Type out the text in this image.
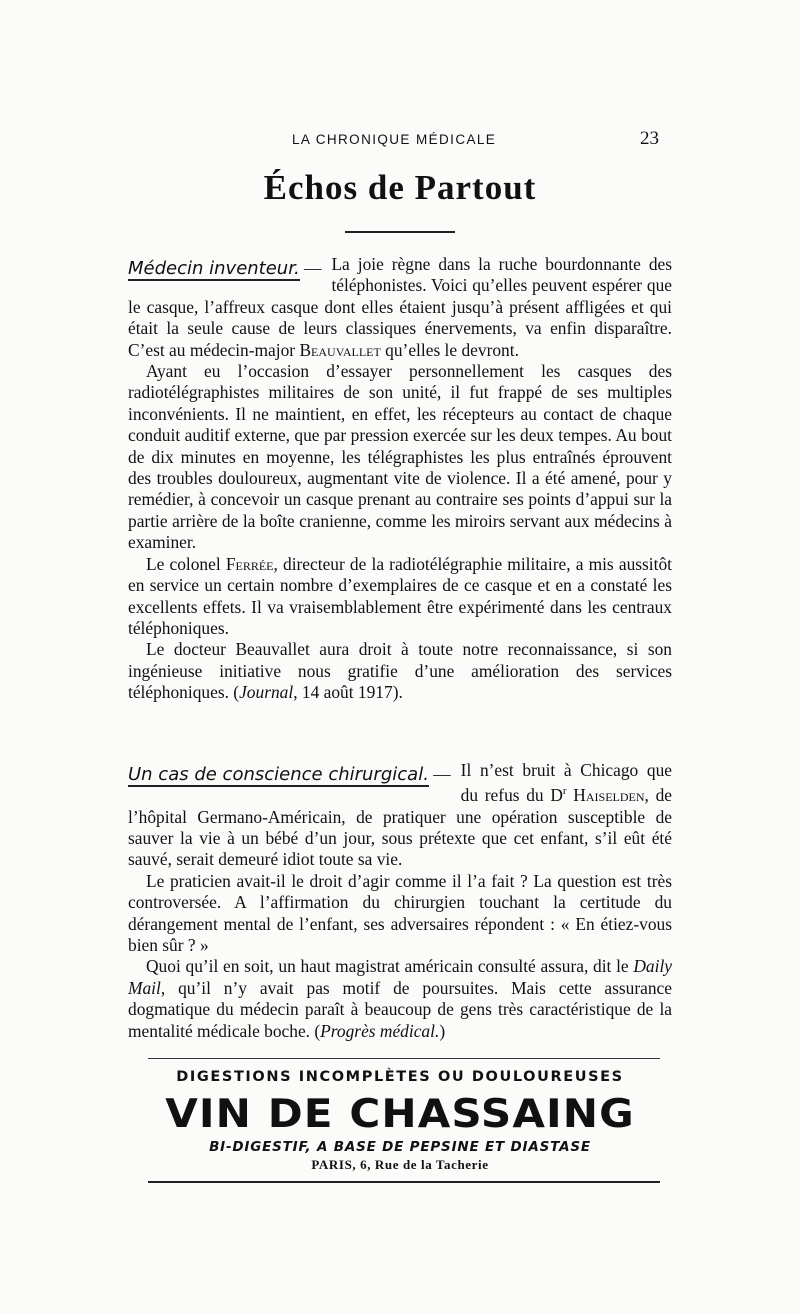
LA CHRONIQUE MÉDICALE	23
Échos de Partout

Médecin inventeur. — La joie règne dans la ruche bourdonnante des téléphonistes. Voici qu’elles peuvent espérer que le casque, l’affreux casque dont elles étaient jusqu’à présent affligées et qui était la seule cause de leurs classiques énervements, va enfin disparaître. C’est au médecin-major Beauvallet qu’elles le devront.

Ayant eu l’occasion d’essayer personnellement les casques des radiotélégraphistes militaires de son unité, il fut frappé de ses multiples inconvénients. Il ne maintient, en effet, les récepteurs au contact de chaque conduit auditif externe, que par pression exercée sur les deux tempes. Au bout de dix minutes en moyenne, les télégraphistes les plus entraînés éprouvent des troubles douloureux, augmentant vite de violence. Il a été amené, pour y remédier, à concevoir un casque prenant au contraire ses points d’appui sur la partie arrière de la boîte cranienne, comme les miroirs servant aux médecins à examiner.

Le colonel Ferrée, directeur de la radiotélégraphie militaire, a mis aussitôt en service un certain nombre d’exemplaires de ce casque et en a constaté les excellents effets. Il va vraisemblablement être expérimenté dans les centraux téléphoniques.

Le docteur Beauvallet aura droit à toute notre reconnaissance, si son ingénieuse initiative nous gratifie d’une amélioration des services téléphoniques. (Journal, 14 août 1917).

Un cas de conscience chirurgical. — Il n’est bruit à Chicago que du refus du $D^r$ Haiselden, de l’hôpital Germano-Américain, de pratiquer une opération susceptible de sauver la vie à un bébé d’un jour, sous prétexte que cet enfant, s’il eût été sauvé, serait demeuré idiot toute sa vie.

Le praticien avait-il le droit d’agir comme il l’a fait ? La question est très controversée. A l’affirmation du chirurgien touchant la certitude du dérangement mental de l’enfant, ses adversaires répondent : « En étiez-vous bien sûr ? »

Quoi qu’il en soit, un haut magistrat américain consulté assura, dit le Daily Mail, qu’il n’y avait pas motif de poursuites. Mais cette assurance dogmatique du médecin paraît à beaucoup de gens très caractéristique de la mentalité médicale boche. (Progrès médical.)

DIGESTIONS INCOMPLÈTES OU DOULOUREUSES
VIN DE CHASSAING
BI-DIGESTIF, A BASE DE PEPSINE ET DIASTASE
PARIS, 6, Rue de la Tacherie
